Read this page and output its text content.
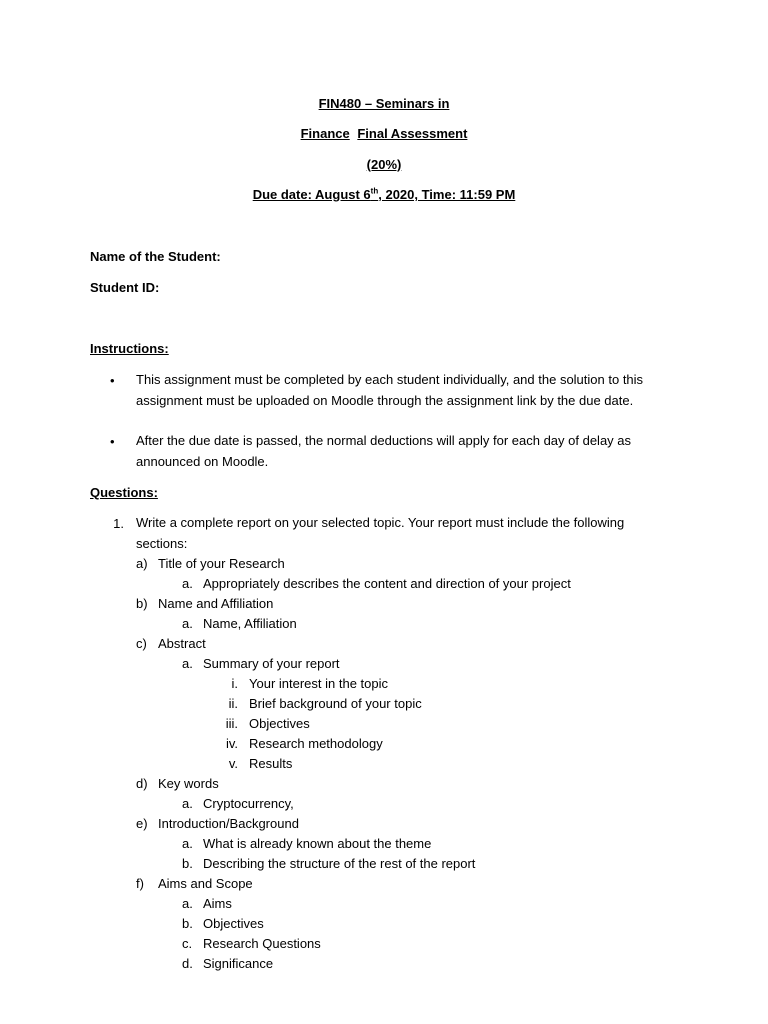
FIN480 – Seminars in
Finance Final Assessment
(20%)
Due date: August 6th, 2020, Time: 11:59 PM
Name of the Student:
Student ID:
Instructions:
• This assignment must be completed by each student individually, and the solution to this assignment must be uploaded on Moodle through the assignment link by the due date.
• After the due date is passed, the normal deductions will apply for each day of delay as announced on Moodle.
Questions:
1. Write a complete report on your selected topic. Your report must include the following sections:
a) Title of your Research
a. Appropriately describes the content and direction of your project
b) Name and Affiliation
a. Name, Affiliation
c) Abstract
a. Summary of your report
i. Your interest in the topic
ii. Brief background of your topic
iii. Objectives
iv. Research methodology
v. Results
d) Key words
a. Cryptocurrency,
e) Introduction/Background
a. What is already known about the theme
b. Describing the structure of the rest of the report
f) Aims and Scope
a. Aims
b. Objectives
c. Research Questions
d. Significance
